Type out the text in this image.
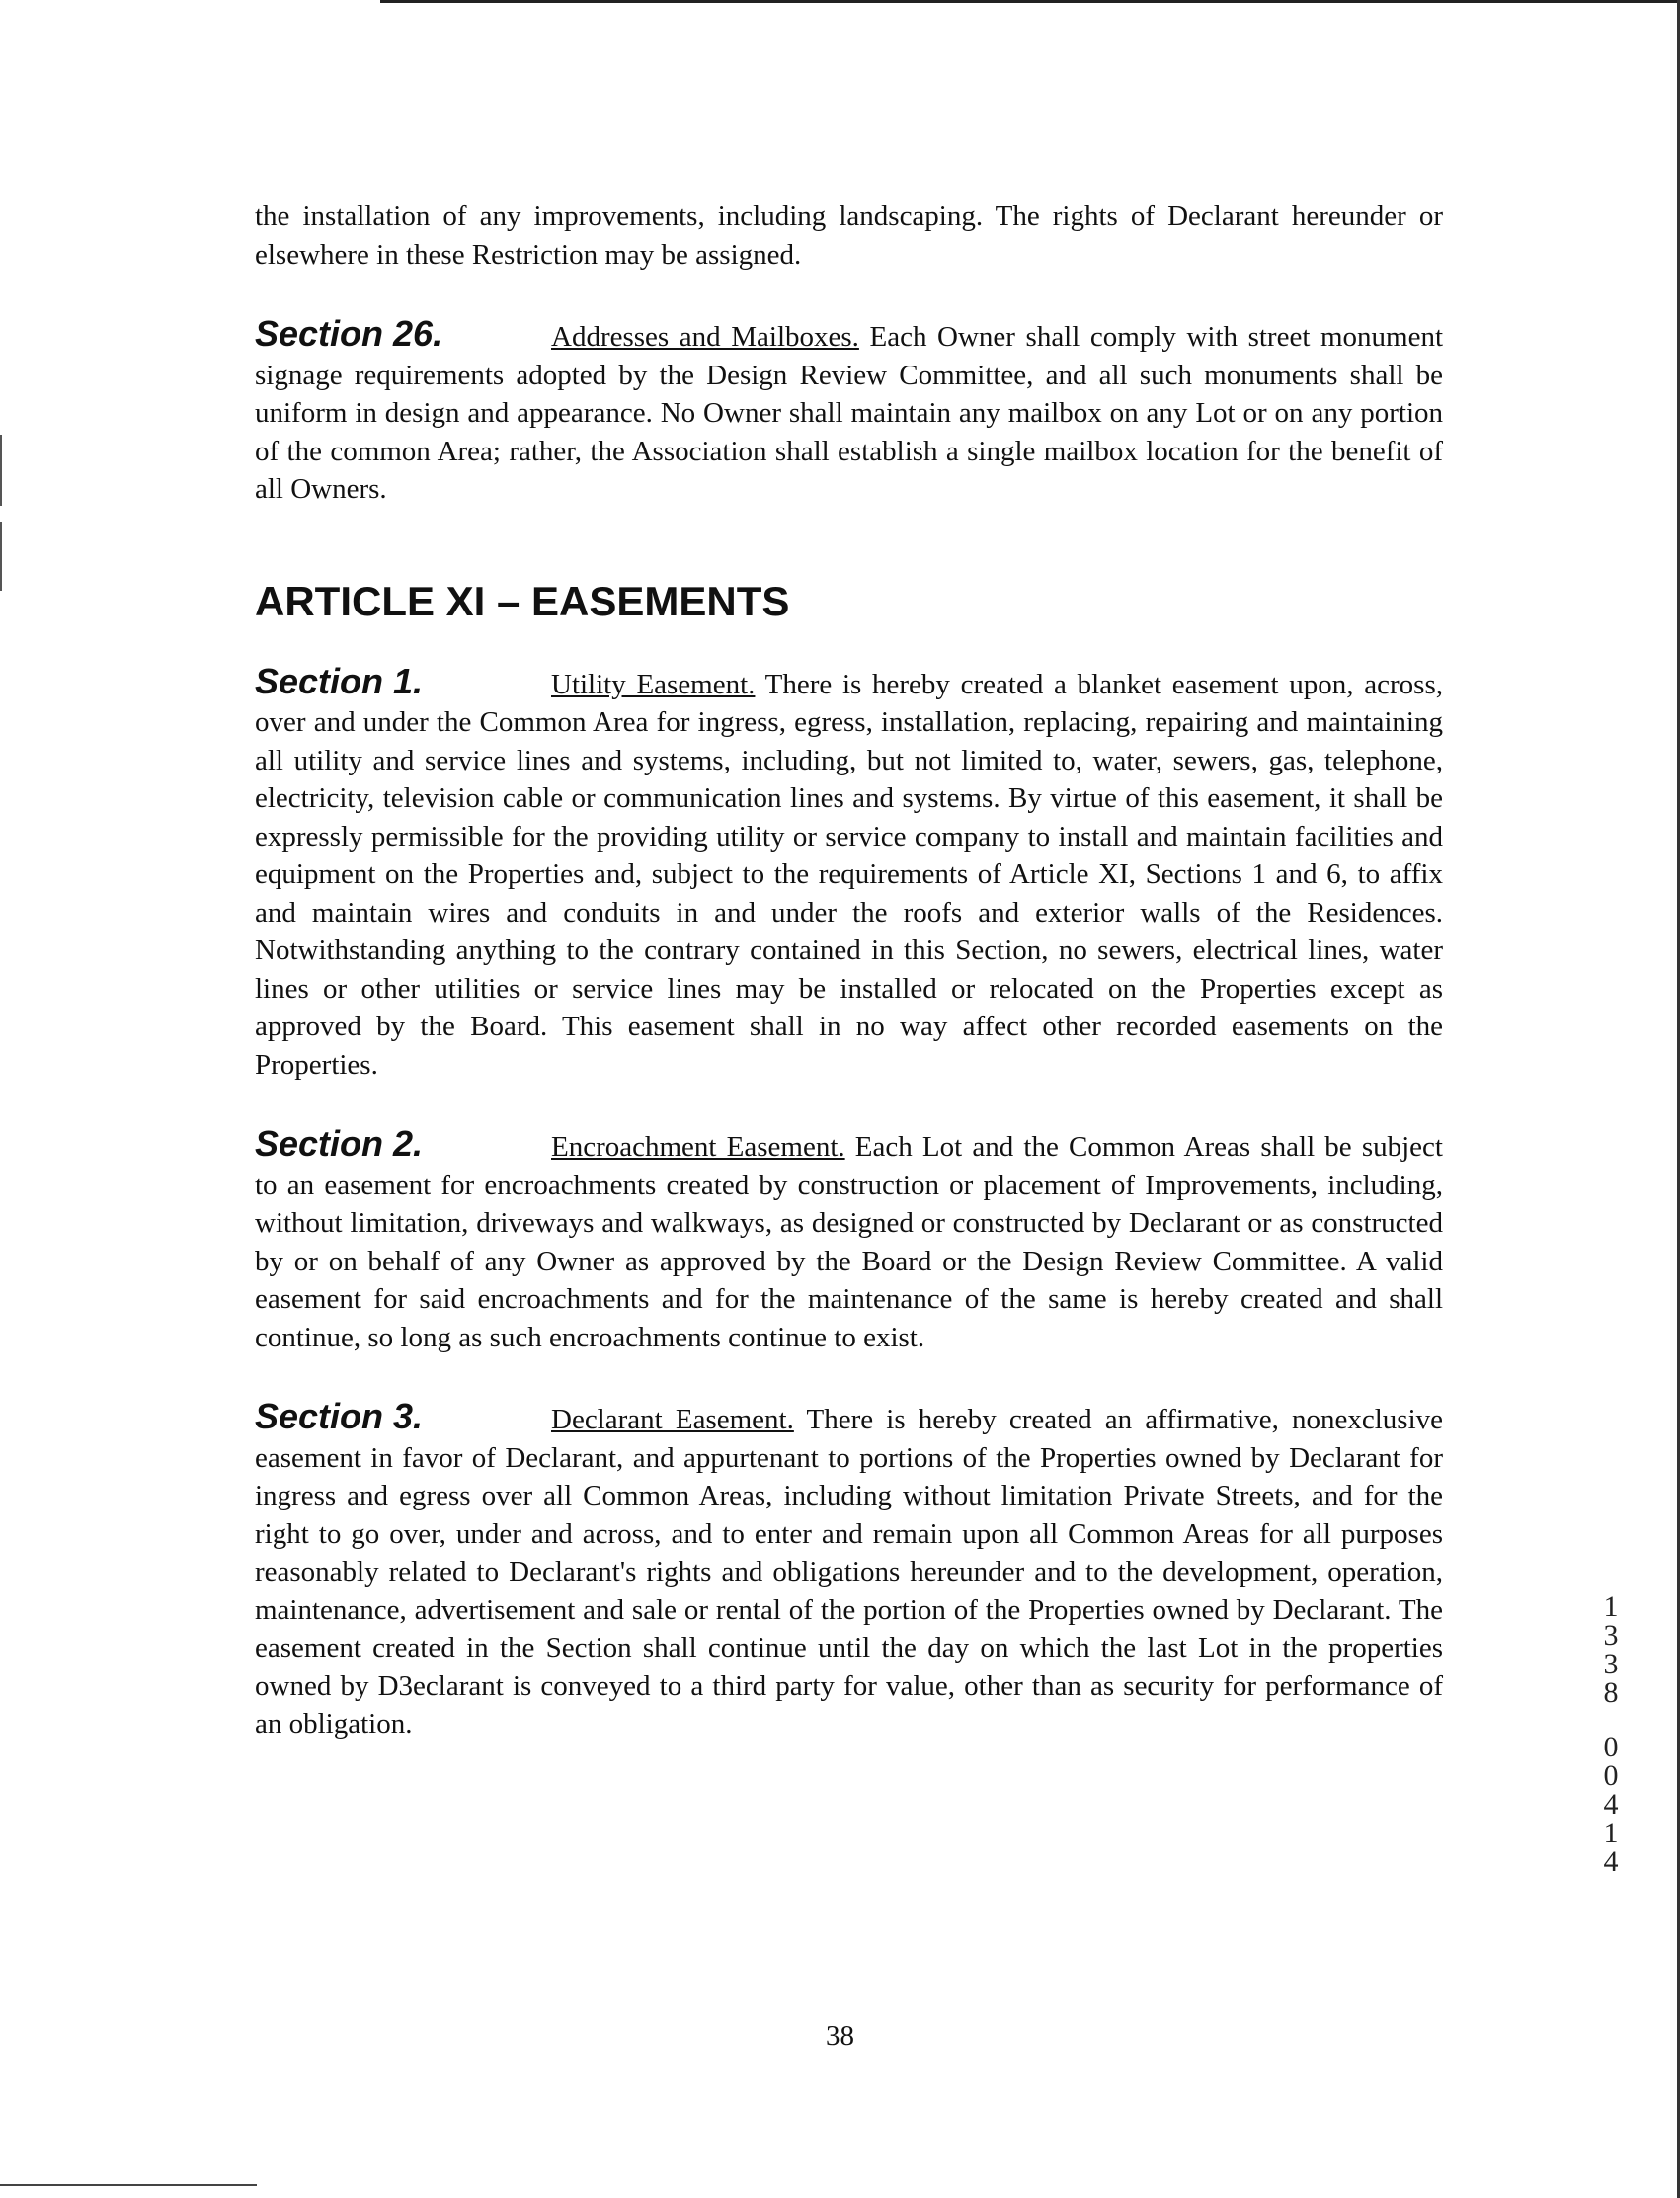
the installation of any improvements, including landscaping. The rights of Declarant hereunder or elsewhere in these Restriction may be assigned.

Section 26.	Addresses and Mailboxes. Each Owner shall comply with street monument signage requirements adopted by the Design Review Committee, and all such monuments shall be uniform in design and appearance. No Owner shall maintain any mailbox on any Lot or on any portion of the common Area; rather, the Association shall establish a single mailbox location for the benefit of all Owners.

ARTICLE XI – EASEMENTS

Section 1.	Utility Easement. There is hereby created a blanket easement upon, across, over and under the Common Area for ingress, egress, installation, replacing, repairing and maintaining all utility and service lines and systems, including, but not limited to, water, sewers, gas, telephone, electricity, television cable or communication lines and systems. By virtue of this easement, it shall be expressly permissible for the providing utility or service company to install and maintain facilities and equipment on the Properties and, subject to the requirements of Article XI, Sections 1 and 6, to affix and maintain wires and conduits in and under the roofs and exterior walls of the Residences. Notwithstanding anything to the contrary contained in this Section, no sewers, electrical lines, water lines or other utilities or service lines may be installed or relocated on the Properties except as approved by the Board. This easement shall in no way affect other recorded easements on the Properties.

Section 2.	Encroachment Easement. Each Lot and the Common Areas shall be subject to an easement for encroachments created by construction or placement of Improvements, including, without limitation, driveways and walkways, as designed or constructed by Declarant or as constructed by or on behalf of any Owner as approved by the Board or the Design Review Committee. A valid easement for said encroachments and for the maintenance of the same is hereby created and shall continue, so long as such encroachments continue to exist.

Section 3.	Declarant Easement. There is hereby created an affirmative, nonexclusive easement in favor of Declarant, and appurtenant to portions of the Properties owned by Declarant for ingress and egress over all Common Areas, including without limitation Private Streets, and for the right to go over, under and across, and to enter and remain upon all Common Areas for all purposes reasonably related to Declarant's rights and obligations hereunder and to the development, operation, maintenance, advertisement and sale or rental of the portion of the Properties owned by Declarant. The easement created in the Section shall continue until the day on which the last Lot in the properties owned by D3eclarant is conveyed to a third party for value, other than as security for performance of an obligation.

38
1
3
3
8
0
0
4
1
4
